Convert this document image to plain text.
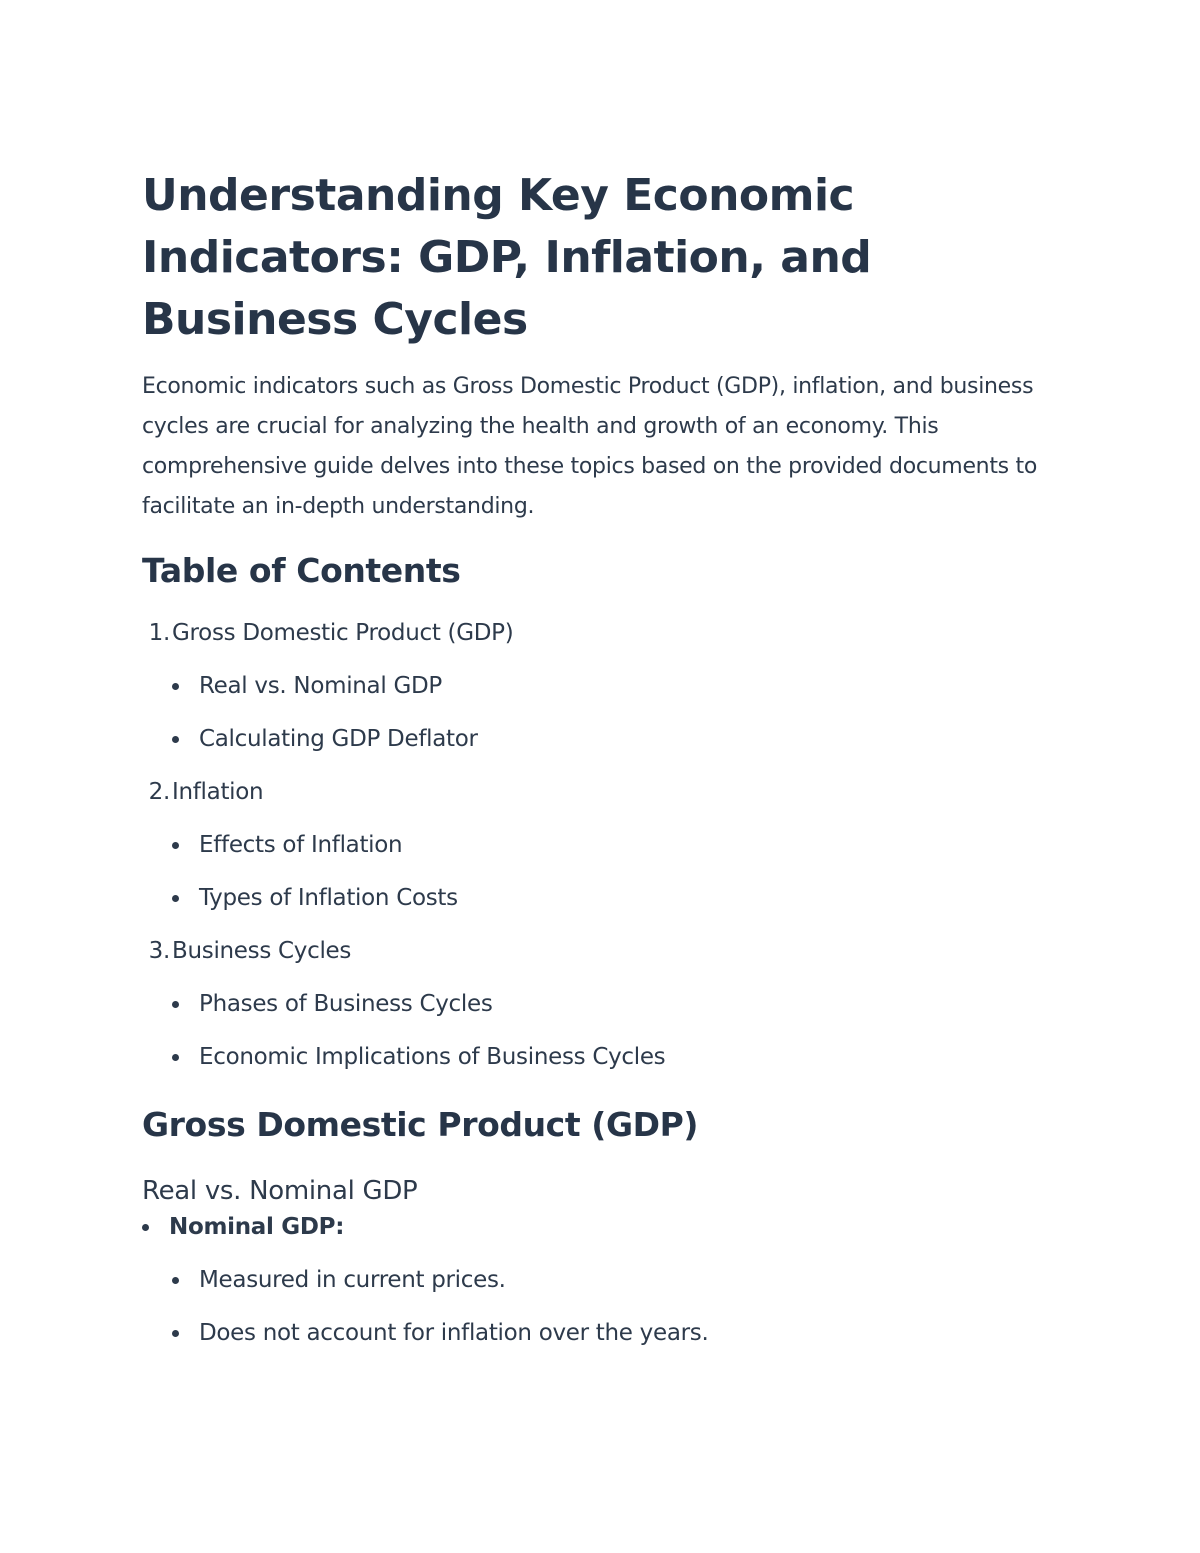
Understanding Key Economic Indicators: GDP, Inflation, and Business Cycles

Economic indicators such as Gross Domestic Product (GDP), inflation, and business cycles are crucial for analyzing the health and growth of an economy. This comprehensive guide delves into these topics based on the provided documents to facilitate an in-depth understanding.

Table of Contents
1. Gross Domestic Product (GDP)
Real vs. Nominal GDP
Calculating GDP Deflator
2. Inflation
Effects of Inflation
Types of Inflation Costs
3. Business Cycles
Phases of Business Cycles
Economic Implications of Business Cycles
Gross Domestic Product (GDP)
Real vs. Nominal GDP
Nominal GDP:
Measured in current prices.
Does not account for inflation over the years.
